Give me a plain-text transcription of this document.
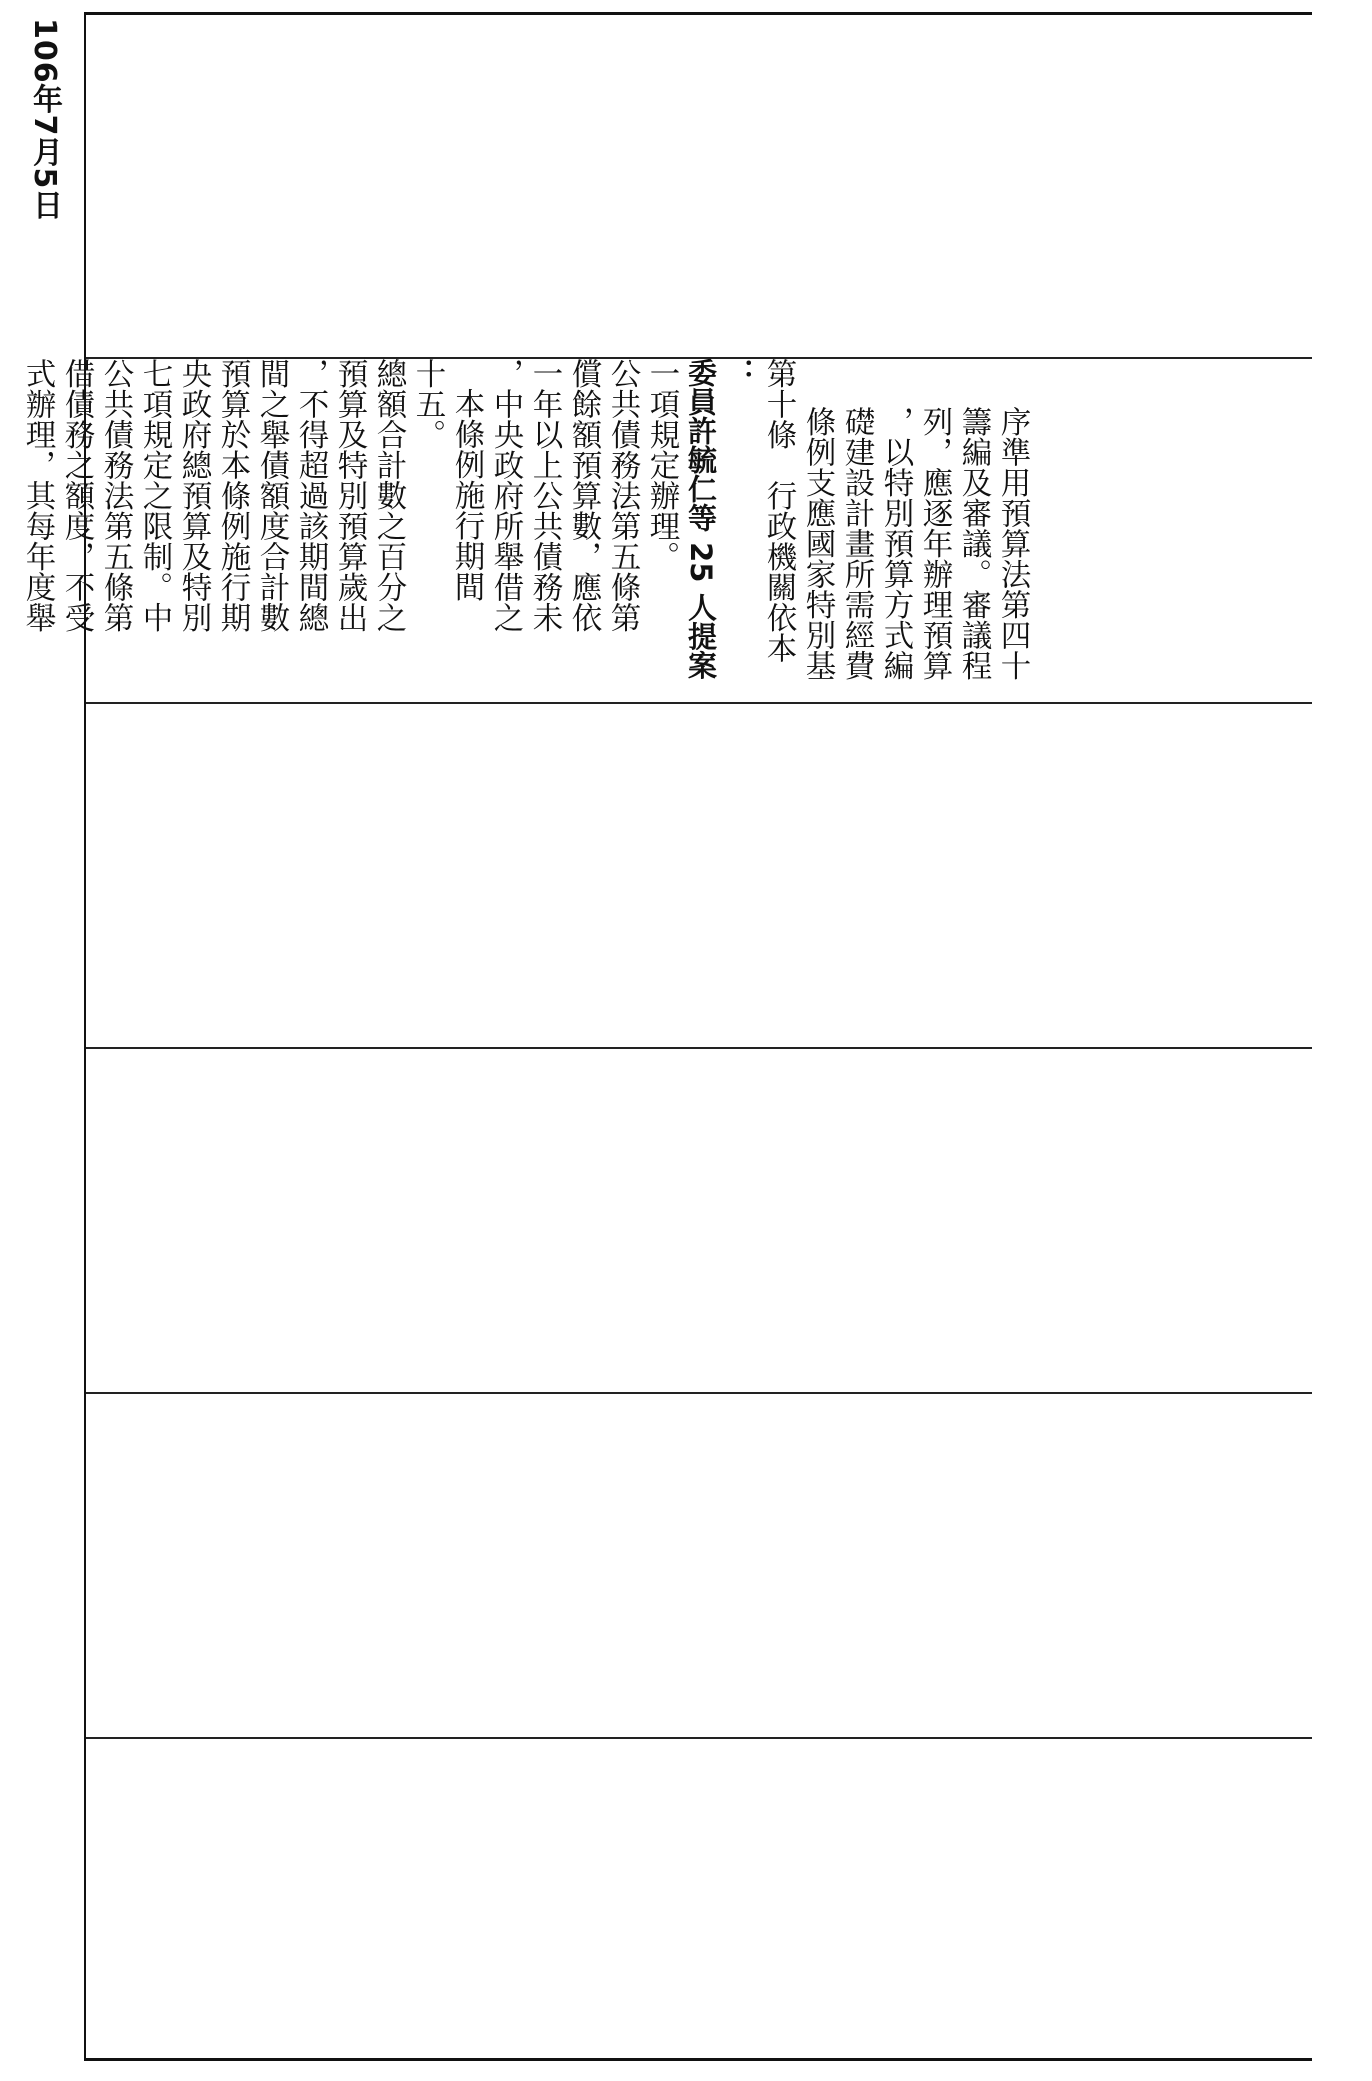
106年7月5日
式辦理，其每年度舉 借債務之額度，不受 公共債務法第五條第 七項規定之限制。中 央政府總預算及特別 預算於本條例施行期 間之舉債額度合計數 ，不得超過該期間總 預算及特別預算歲出 總額合計數之百分之 十五。 本條例施行期間 ，中央政府所舉借之 一年以上公共債務未 償餘額預算數，應依 公共債務法第五條第 一項規定辦理。 委員許毓仁等 25 人提案 ： 第十條　行政機關依本 條例支應國家特別基 礎建設計畫所需經費 ，以特別預算方式編 列，應逐年辦理預算 籌編及審議。審議程 序準用預算法第四十
